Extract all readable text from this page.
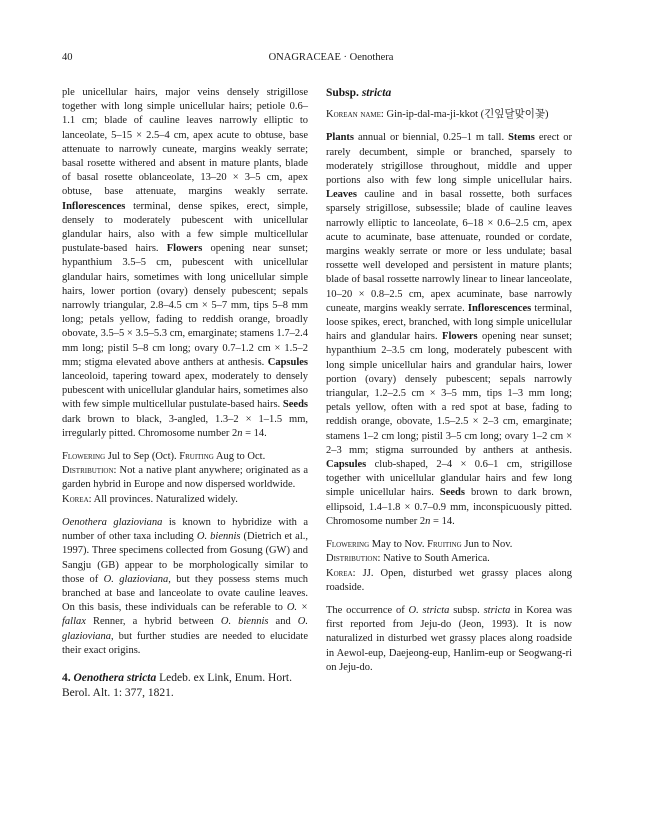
40	ONAGRACEAE · Oenothera

ple unicellular hairs, major veins densely strigillose together with long simple unicellular hairs; petiole 0.6–1.1 cm; blade of cauline leaves narrowly elliptic to lanceolate, 5–15 × 2.5–4 cm, apex acute to obtuse, base attenuate to narrowly cuneate, margins weakly serrate; basal rosette withered and absent in mature plants, blade of basal rosette oblanceolate, 13–20 × 3–5 cm, apex obtuse, base attenuate, margins weakly serrate. Inflorescences terminal, dense spikes, erect, simple, densely to moderately pubescent with unicellular glandular hairs, also with a few simple multicellular pustulate-based hairs. Flowers opening near sunset; hypanthium 3.5–5 cm, pubescent with unicellular glandular hairs, sometimes with long unicellular simple hairs, lower portion (ovary) densely pubescent; sepals narrowly triangular, 2.8–4.5 cm × 5–7 mm, tips 5–8 mm long; petals yellow, fading to reddish orange, broadly obovate, 3.5–5 × 3.5–5.3 cm, emarginate; stamens 1.7–2.4 mm long; pistil 5–8 cm long; ovary 0.7–1.2 cm × 1.5–2 mm; stigma elevated above anthers at anthesis. Capsules lanceoloid, tapering toward apex, moderately to densely pubescent with unicellular glandular hairs, sometimes also with few simple multicellular pustulate-based hairs. Seeds dark brown to black, 3-angled, 1.3–2 × 1–1.5 mm, irregularly pitted. Chromosome number 2n = 14.

Flowering Jul to Sep (Oct). Fruiting Aug to Oct.

Distribution: Not a native plant anywhere; originated as a garden hybrid in Europe and now dispersed worldwide.

Korea: All provinces. Naturalized widely.

Oenothera glazioviana is known to hybridize with a number of other taxa including O. biennis (Dietrich et al., 1997). Three specimens collected from Gosung (GW) and Sangju (GB) appear to be morphologically similar to those of O. glazioviana, but they possess stems much branched at base and lanceolate to ovate cauline leaves. On this basis, these individuals can be referable to O. × fallax Renner, a hybrid between O. biennis and O. glazioviana, but further studies are needed to elucidate their exact origins.

4. Oenothera stricta Ledeb. ex Link, Enum. Hort. Berol. Alt. 1: 377, 1821.

Subsp. stricta

Korean name: Gin-ip-dal-ma-ji-kkot (긴잎달맞이꽃)

Plants annual or biennial, 0.25–1 m tall. Stems erect or rarely decumbent, simple or branched, sparsely to moderately strigillose throughout, middle and upper portions also with few long simple unicellular hairs. Leaves cauline and in basal rossette, both surfaces sparsely strigillose, subsessile; blade of cauline leaves narrowly elliptic to lanceolate, 6–18 × 0.6–2.5 cm, apex acute to acuminate, base attenuate, rounded or cordate, margins weakly serrate or more or less undulate; basal rossette well developed and persistent in mature plants; blade of basal rossette narrowly linear to linear lanceolate, 10–20 × 0.8–2.5 cm, apex acuminate, base narrowly cuneate, margins weakly serrate. Inflorescences terminal, loose spikes, erect, branched, with long simple unicellular hairs and glandular hairs. Flowers opening near sunset; hypanthium 2–3.5 cm long, moderately pubescent with long simple unicellular hairs and grandular hairs, lower portion (ovary) densely pubescent; sepals narrowly triangular, 1.2–2.5 cm × 3–5 mm, tips 1–3 mm long; petals yellow, often with a red spot at base, fading to reddish orange, obovate, 1.5–2.5 × 2–3 cm, emarginate; stamens 1–2 cm long; pistil 3–5 cm long; ovary 1–2 cm × 2–3 mm; stigma surrounded by anthers at anthesis. Capsules club-shaped, 2–4 × 0.6–1 cm, strigillose together with unicellular glandular hairs and few long simple unicellular hairs. Seeds brown to dark brown, ellipsoid, 1.4–1.8 × 0.7–0.9 mm, inconspicuously pitted. Chromosome number 2n = 14.

Flowering May to Nov. Fruiting Jun to Nov.

Distribution: Native to South America.

Korea: JJ. Open, disturbed wet grassy places along roadside.

The occurrence of O. stricta subsp. stricta in Korea was first reported from Jeju-do (Jeon, 1993). It is now naturalized in disturbed wet grassy places along roadside in Aewol-eup, Daejeong-eup, Hanlim-eup or Seogwang-ri on Jeju-do.
